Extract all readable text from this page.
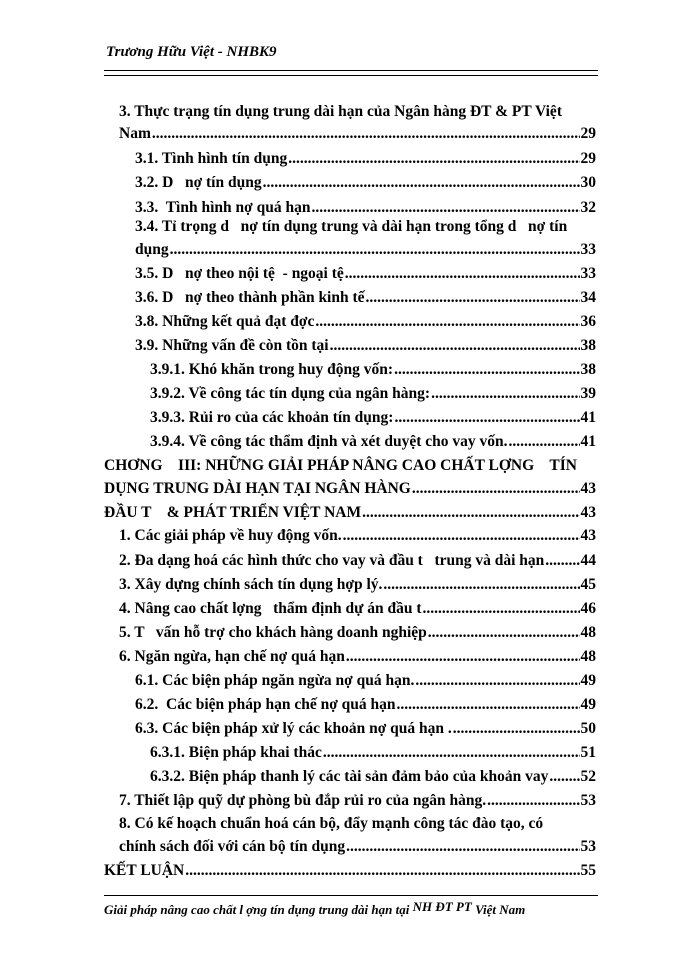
Trương Hữu Việt - NHBK9
3. Thực trạng tín dụng trung dài hạn của Ngân hàng ĐT & PT Việt
Nam .....	29
3.1. Tình hình tín dụng .....	29
3.2. D   nợ tín dụng .....	30
3.3.  Tình hình nợ quá hạn .....	32
3.4. Tỉ trọng d   nợ tín dụng trung và dài hạn trong tổng d   nợ tín
dụng .....	33
3.5. D   nợ theo nội tệ  - ngoại tệ .....	33
3.6. D   nợ theo thành phần kinh tế .....	34
3.8. Những kết quả đạt đợc .....	36
3.9. Những vấn đề còn tồn tại .....	38
3.9.1. Khó khăn trong huy động vốn: .....	38
3.9.2. Về công tác tín dụng của ngân hàng: .....	39
3.9.3. Rủi ro của các khoản tín dụng: .....	41
3.9.4. Về công tác thẩm định và xét duyệt cho vay vốn. .....	41
CHƠNG    III: NHỮNG GIẢI PHÁP NÂNG CAO CHẤT LỢNG    TÍN
DỤNG TRUNG DÀI HẠN TẠI NGÂN HÀNG .....	43
ĐẦU T    & PHÁT TRIỂN VIỆT NAM .....	43
1. Các giải pháp về huy động vốn. .....	43
2. Đa dạng hoá các hình thức cho vay và đầu t   trung và dài hạn ..... 44
3. Xây dựng chính sách tín dụng hợp lý. .....	45
4. Nâng cao chất lợng   thẩm định dự án đầu t .....	46
5. T   vấn hỗ trợ cho khách hàng doanh nghiệp .....	48
6. Ngăn ngừa, hạn chế nợ quá hạn .....	48
6.1. Các biện pháp ngăn ngừa nợ quá hạn. .....	49
6.2.  Các biện pháp hạn chế nợ quá hạn .....	49
6.3. Các biện pháp xử lý các khoản nợ quá hạn . .....	50
6.3.1. Biện pháp khai thác .....	51
6.3.2. Biện pháp thanh lý các tài sản đảm bảo của khoản vay ..... 52
7. Thiết lập quỹ dự phòng bù đắp rủi ro của ngân hàng. .....	53
8. Có kế hoạch chuẩn hoá cán bộ, đẩy mạnh công tác đào tạo, có
chính sách đối với cán bộ tín dụng .....	53
KẾT LUẬN .....	55
Giải pháp nâng cao chất l ợng tín dụng trung dài hạn tại NH ĐT PT Việt Nam
